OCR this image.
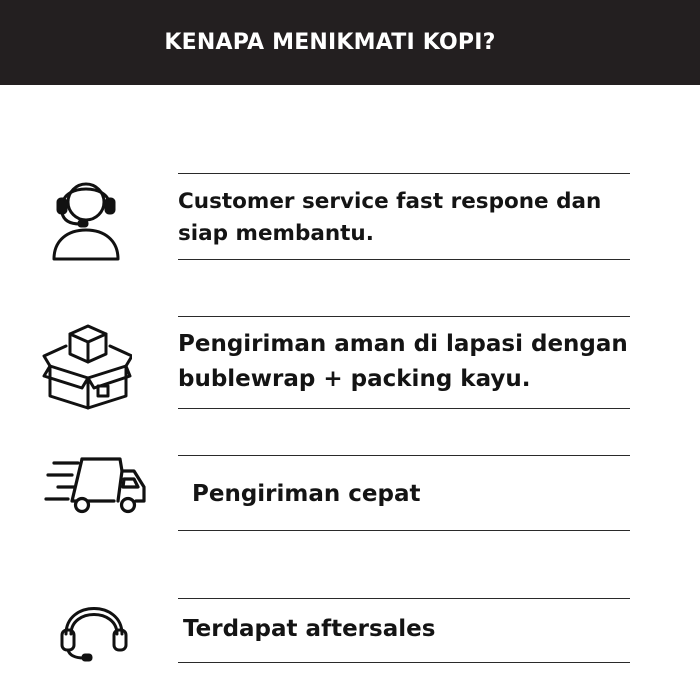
KENAPA MENIKMATI KOPI?
Customer service fast respone dan siap membantu.
Pengiriman aman di lapasi dengan bublewrap + packing kayu.
Pengiriman cepat
Terdapat aftersales
